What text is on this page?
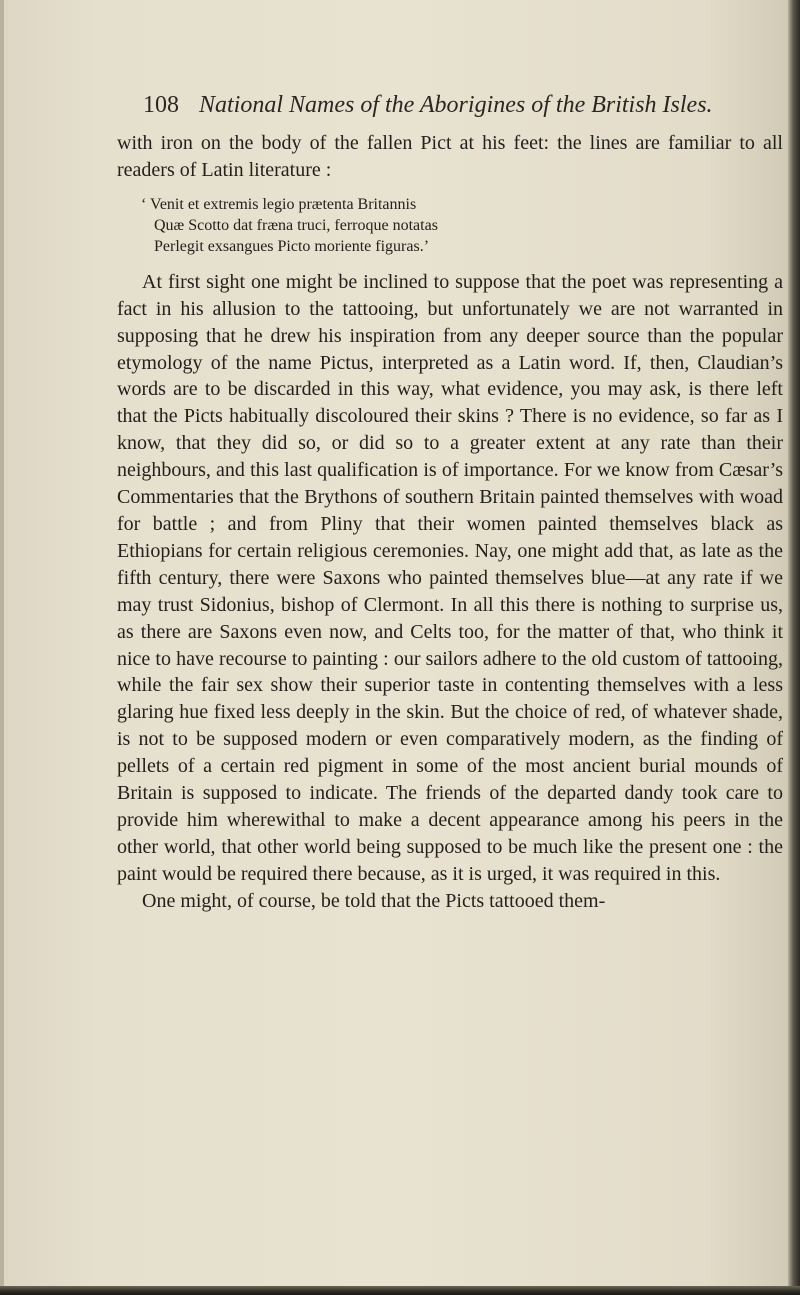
108 National Names of the Aborigines of the British Isles.

with iron on the body of the fallen Pict at his feet: the lines are familiar to all readers of Latin literature :

‘ Venit et extremis legio prætenta Britannis
Quæ Scotto dat fræna truci, ferroque notatas
Perlegit exsangues Picto moriente figuras.’

At first sight one might be inclined to suppose that the poet was representing a fact in his allusion to the tattooing, but unfortunately we are not warranted in supposing that he drew his inspiration from any deeper source than the popular etymology of the name Pictus, interpreted as a Latin word. If, then, Claudian’s words are to be discarded in this way, what evidence, you may ask, is there left that the Picts habitually discoloured their skins ? There is no evidence, so far as I know, that they did so, or did so to a greater extent at any rate than their neighbours, and this last qualification is of importance. For we know from Cæsar’s Commentaries that the Brythons of southern Britain painted themselves with woad for battle ; and from Pliny that their women painted themselves black as Ethiopians for certain religious ceremonies. Nay, one might add that, as late as the fifth century, there were Saxons who painted themselves blue—at any rate if we may trust Sidonius, bishop of Clermont. In all this there is nothing to surprise us, as there are Saxons even now, and Celts too, for the matter of that, who think it nice to have recourse to painting : our sailors adhere to the old custom of tattooing, while the fair sex show their superior taste in contenting themselves with a less glaring hue fixed less deeply in the skin. But the choice of red, of whatever shade, is not to be supposed modern or even comparatively modern, as the finding of pellets of a certain red pigment in some of the most ancient burial mounds of Britain is supposed to indicate. The friends of the departed dandy took care to provide him wherewithal to make a decent appearance among his peers in the other world, that other world being supposed to be much like the present one : the paint would be required there because, as it is urged, it was required in this.

One might, of course, be told that the Picts tattooed them-
